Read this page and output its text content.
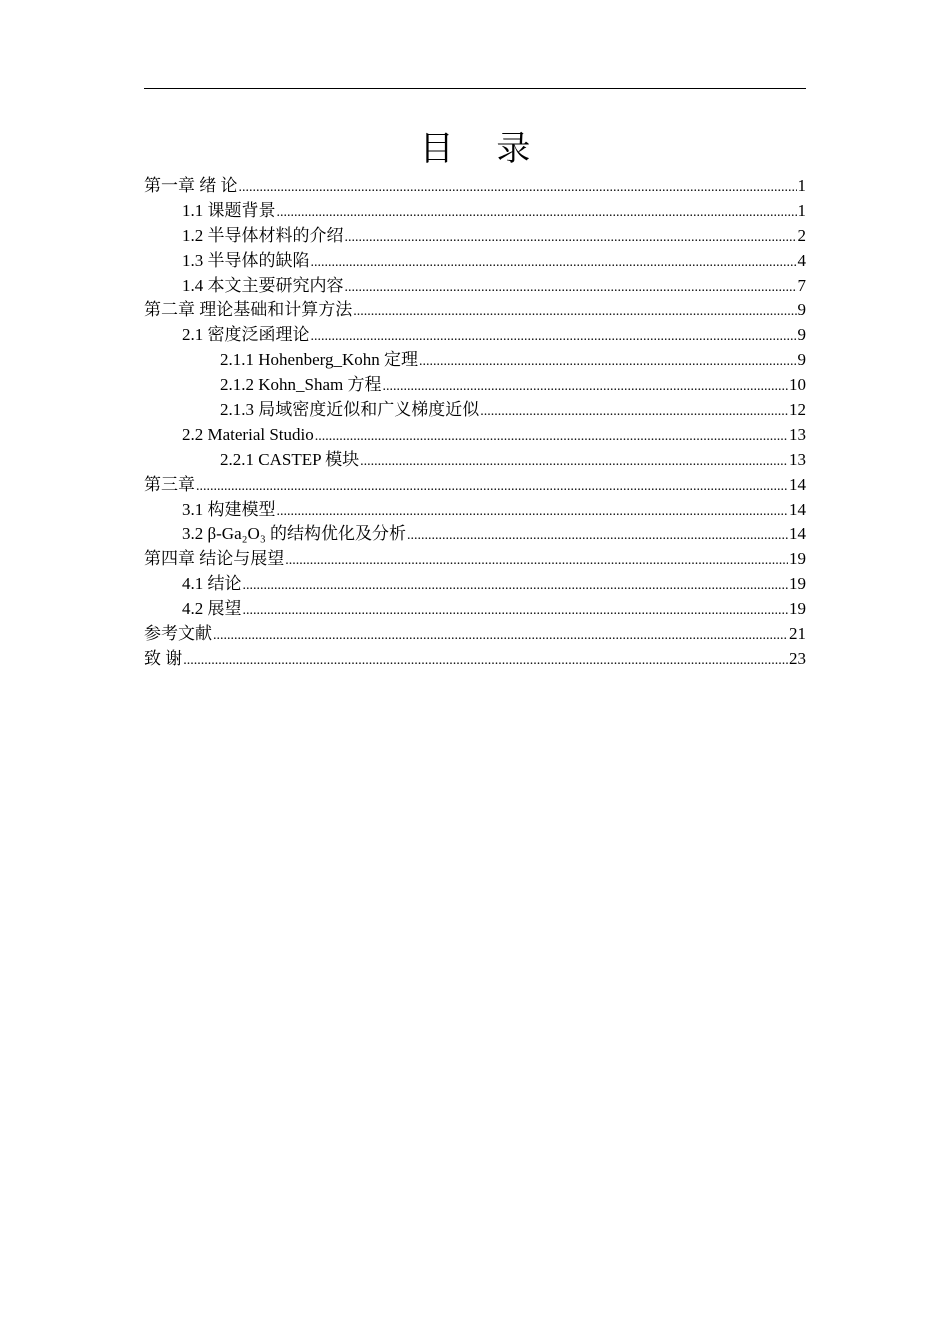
目 录
第一章 绪 论 .....	1
1.1 课题背景 .....	1
1.2 半导体材料的介绍 .....	2
1.3 半导体的缺陷 .....	4
1.4 本文主要研究内容 .....	7
第二章 理论基础和计算方法 .....	9
2.1 密度泛函理论 .....	9
2.1.1 Hohenberg_Kohn 定理 .....	9
2.1.2 Kohn_Sham 方程 .....	10
2.1.3 局域密度近似和广义梯度近似 .....	12
2.2 Material Studio .....	13
2.2.1 CASTEP 模块 .....	13
第三章 .....	14
3.1 构建模型 .....	14
3.2 β-Ga₂O₃ 的结构优化及分析 .....	14
第四章 结论与展望 .....	19
4.1 结论 .....	19
4.2 展望 .....	19
参考文献 .....	21
致 谢 .....	23
